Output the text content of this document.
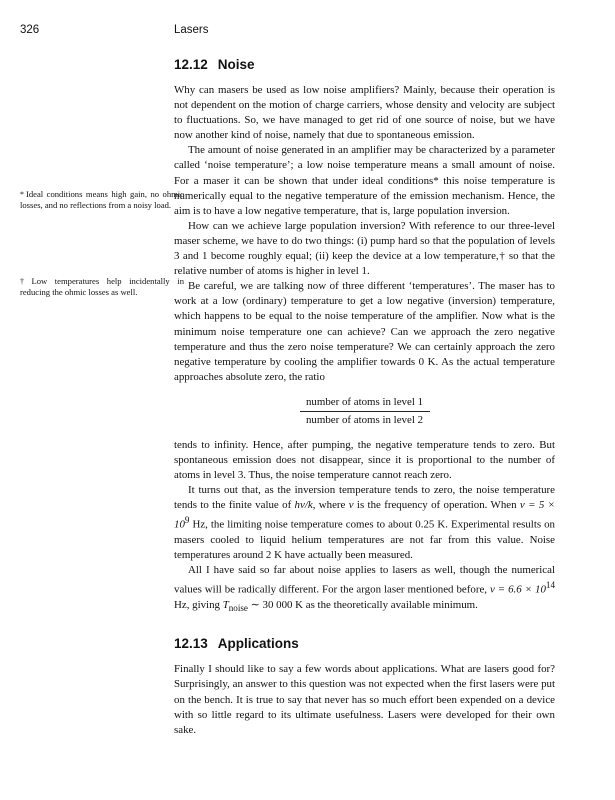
326	Lasers
* Ideal conditions means high gain, no ohmic losses, and no reflections from a noisy load.
† Low temperatures help incidentally in reducing the ohmic losses as well.
12.12 Noise

Why can masers be used as low noise amplifiers? Mainly, because their operation is not dependent on the motion of charge carriers, whose density and velocity are subject to fluctuations. So, we have managed to get rid of one source of noise, but we have now another kind of noise, namely that due to spontaneous emission.

The amount of noise generated in an amplifier may be characterized by a parameter called ‘noise temperature’; a low noise temperature means a small amount of noise. For a maser it can be shown that under ideal conditions* this noise temperature is numerically equal to the negative temperature of the emission mechanism. Hence, the aim is to have a low negative temperature, that is, large population inversion.

How can we achieve large population inversion? With reference to our three-level maser scheme, we have to do two things: (i) pump hard so that the population of levels 3 and 1 become roughly equal; (ii) keep the device at a low temperature,† so that the relative number of atoms is higher in level 1.

Be careful, we are talking now of three different ‘temperatures’. The maser has to work at a low (ordinary) temperature to get a low negative (inversion) temperature, which happens to be equal to the noise temperature of the amplifier. Now what is the minimum noise temperature one can achieve? Can we approach the zero negative temperature and thus the zero noise temperature? We can certainly approach the zero negative temperature by cooling the amplifier towards 0 K. As the actual temperature approaches absolute zero, the ratio

number of atoms in level 1
number of atoms in level 2

tends to infinity. Hence, after pumping, the negative temperature tends to zero. But spontaneous emission does not disappear, since it is proportional to the number of atoms in level 3. Thus, the noise temperature cannot reach zero.

It turns out that, as the inversion temperature tends to zero, the noise temperature tends to the finite value of hν/k, where ν is the frequency of operation. When $\nu = 5 \times 10^9$ Hz, the limiting noise temperature comes to about 0.25 K. Experimental results on masers cooled to liquid helium temperatures are not far from this value. Noise temperatures around 2 K have actually been measured.

All I have said so far about noise applies to lasers as well, though the numerical values will be radically different. For the argon laser mentioned before, $\nu = 6.6 \times 10^{14}$ Hz, giving $T_{noise}$ ∼ 30 000 K as the theoretically available minimum.

12.13 Applications

Finally I should like to say a few words about applications. What are lasers good for? Surprisingly, an answer to this question was not expected when the first lasers were put on the bench. It is true to say that never has so much effort been expended on a device with so little regard to its ultimate usefulness. Lasers were developed for their own sake.
